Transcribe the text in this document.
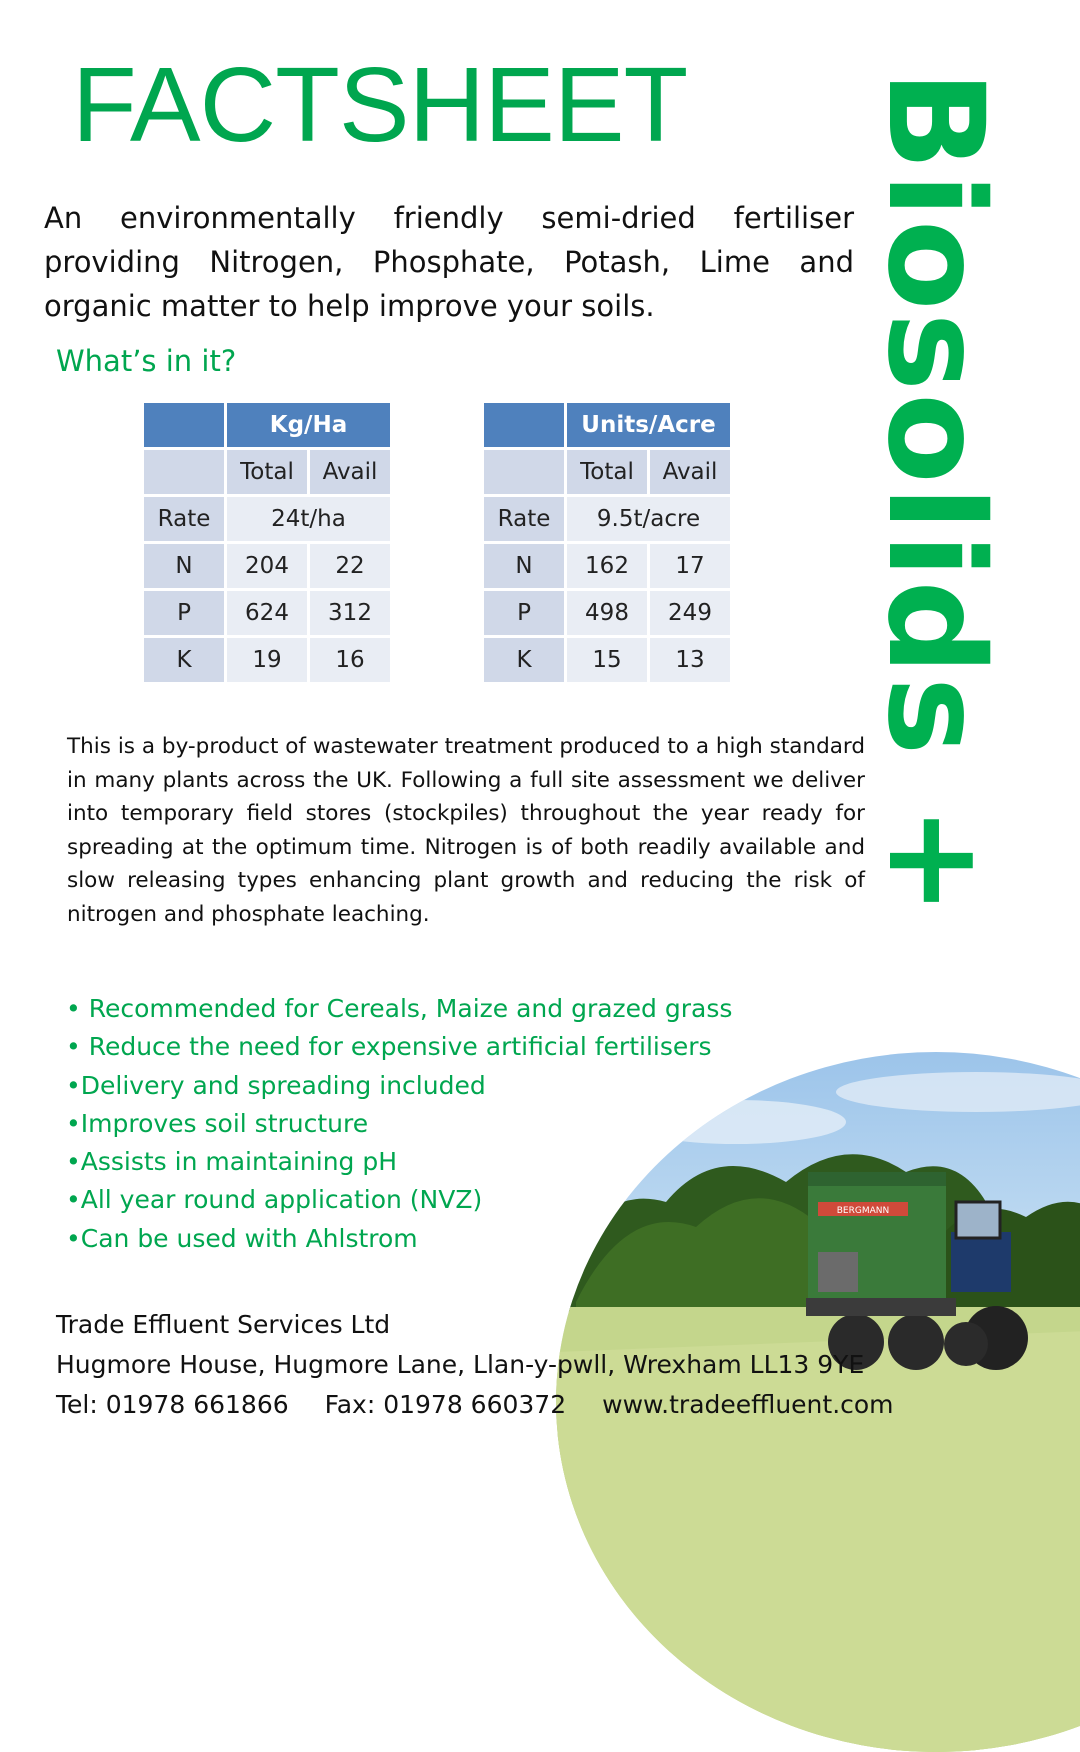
FACTSHEET Biosolids +
An environmentally friendly semi-dried fertiliser providing Nitrogen, Phosphate, Potash, Lime and organic matter to help improve your soils.
What’s in it?
	Kg/Ha	
	Total	Avail
Rate	24t/ha	
N	204	22
P	624	312
K	19	16
	Units/Acre	
	Total	Avail
Rate	9.5t/acre	
N	162	17
P	498	249
K	15	13
This is a by-product of wastewater treatment produced to a high standard in many plants across the UK. Following a full site assessment we deliver into temporary field stores (stockpiles) throughout the year ready for spreading at the optimum time. Nitrogen is of both readily available and slow releasing types enhancing plant growth and reducing the risk of nitrogen and phosphate leaching.
BERGMANN
• Recommended for Cereals, Maize and grazed grass
• Reduce the need for expensive artificial fertilisers
•Delivery and spreading included
•Improves soil structure
•Assists in maintaining pH
•All year round application (NVZ)
•Can be used with Ahlstrom
Trade Effluent Services Ltd
Hugmore House, Hugmore Lane, Llan-y-pwll, Wrexham LL13 9YE
Tel: 01978 661866 Fax: 01978 660372 www.tradeeffluent.com
